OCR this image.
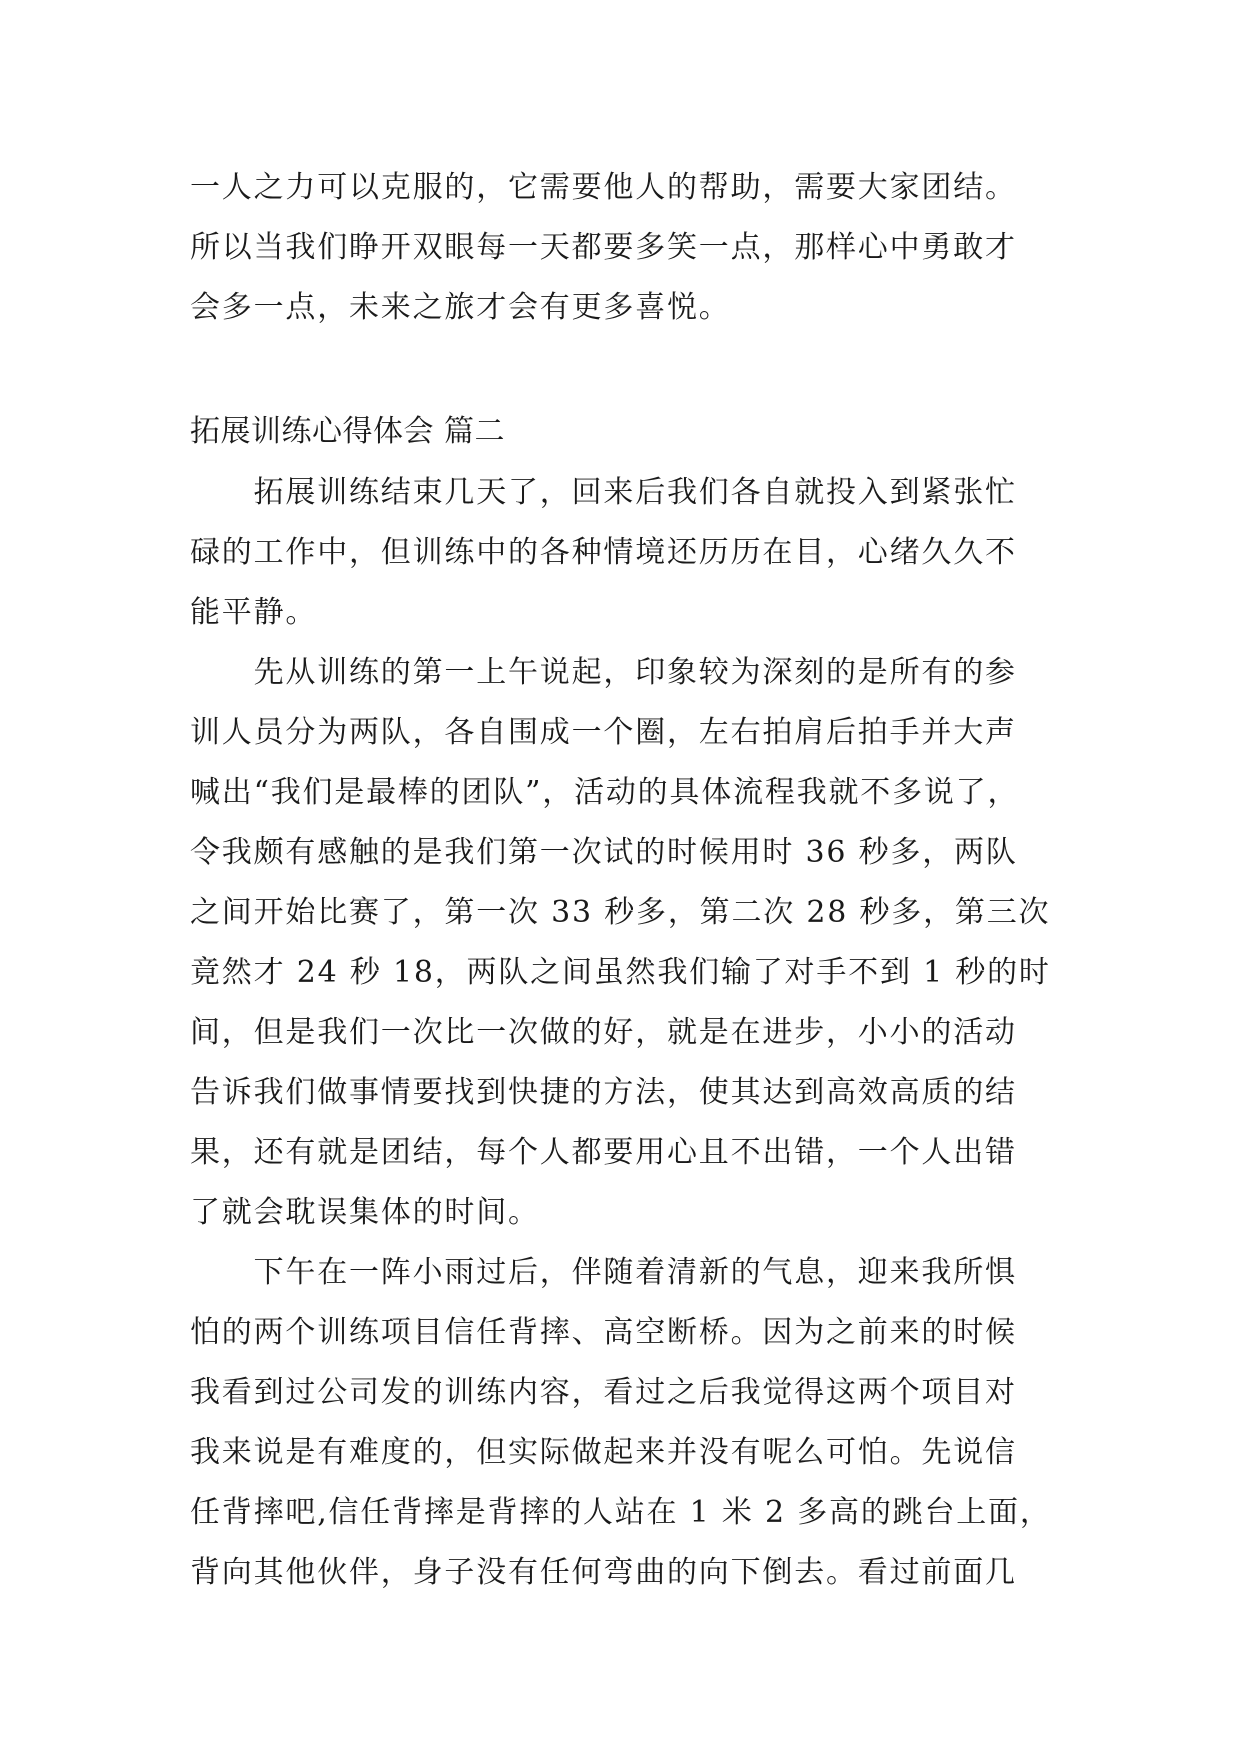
一人之力可以克服的，它需要他人的帮助，需要大家团结。
所以当我们睁开双眼每一天都要多笑一点，那样心中勇敢才
会多一点，未来之旅才会有更多喜悦。
拓展训练心得体会 篇二
　　拓展训练结束几天了，回来后我们各自就投入到紧张忙
碌的工作中，但训练中的各种情境还历历在目，心绪久久不
能平静。
　　先从训练的第一上午说起，印象较为深刻的是所有的参
训人员分为两队，各自围成一个圈，左右拍肩后拍手并大声
喊出“我们是最棒的团队”，活动的具体流程我就不多说了，
令我颇有感触的是我们第一次试的时候用时 36 秒多，两队
之间开始比赛了，第一次 33 秒多，第二次 28 秒多，第三次
竟然才 24 秒 18，两队之间虽然我们输了对手不到 1 秒的时
间，但是我们一次比一次做的好，就是在进步，小小的活动
告诉我们做事情要找到快捷的方法，使其达到高效高质的结
果，还有就是团结，每个人都要用心且不出错，一个人出错
了就会耽误集体的时间。
　　下午在一阵小雨过后，伴随着清新的气息，迎来我所惧
怕的两个训练项目信任背摔、高空断桥。因为之前来的时候
我看到过公司发的训练内容，看过之后我觉得这两个项目对
我来说是有难度的，但实际做起来并没有呢么可怕。先说信
任背摔吧,信任背摔是背摔的人站在 1 米 2 多高的跳台上面，
背向其他伙伴，身子没有任何弯曲的向下倒去。看过前面几
